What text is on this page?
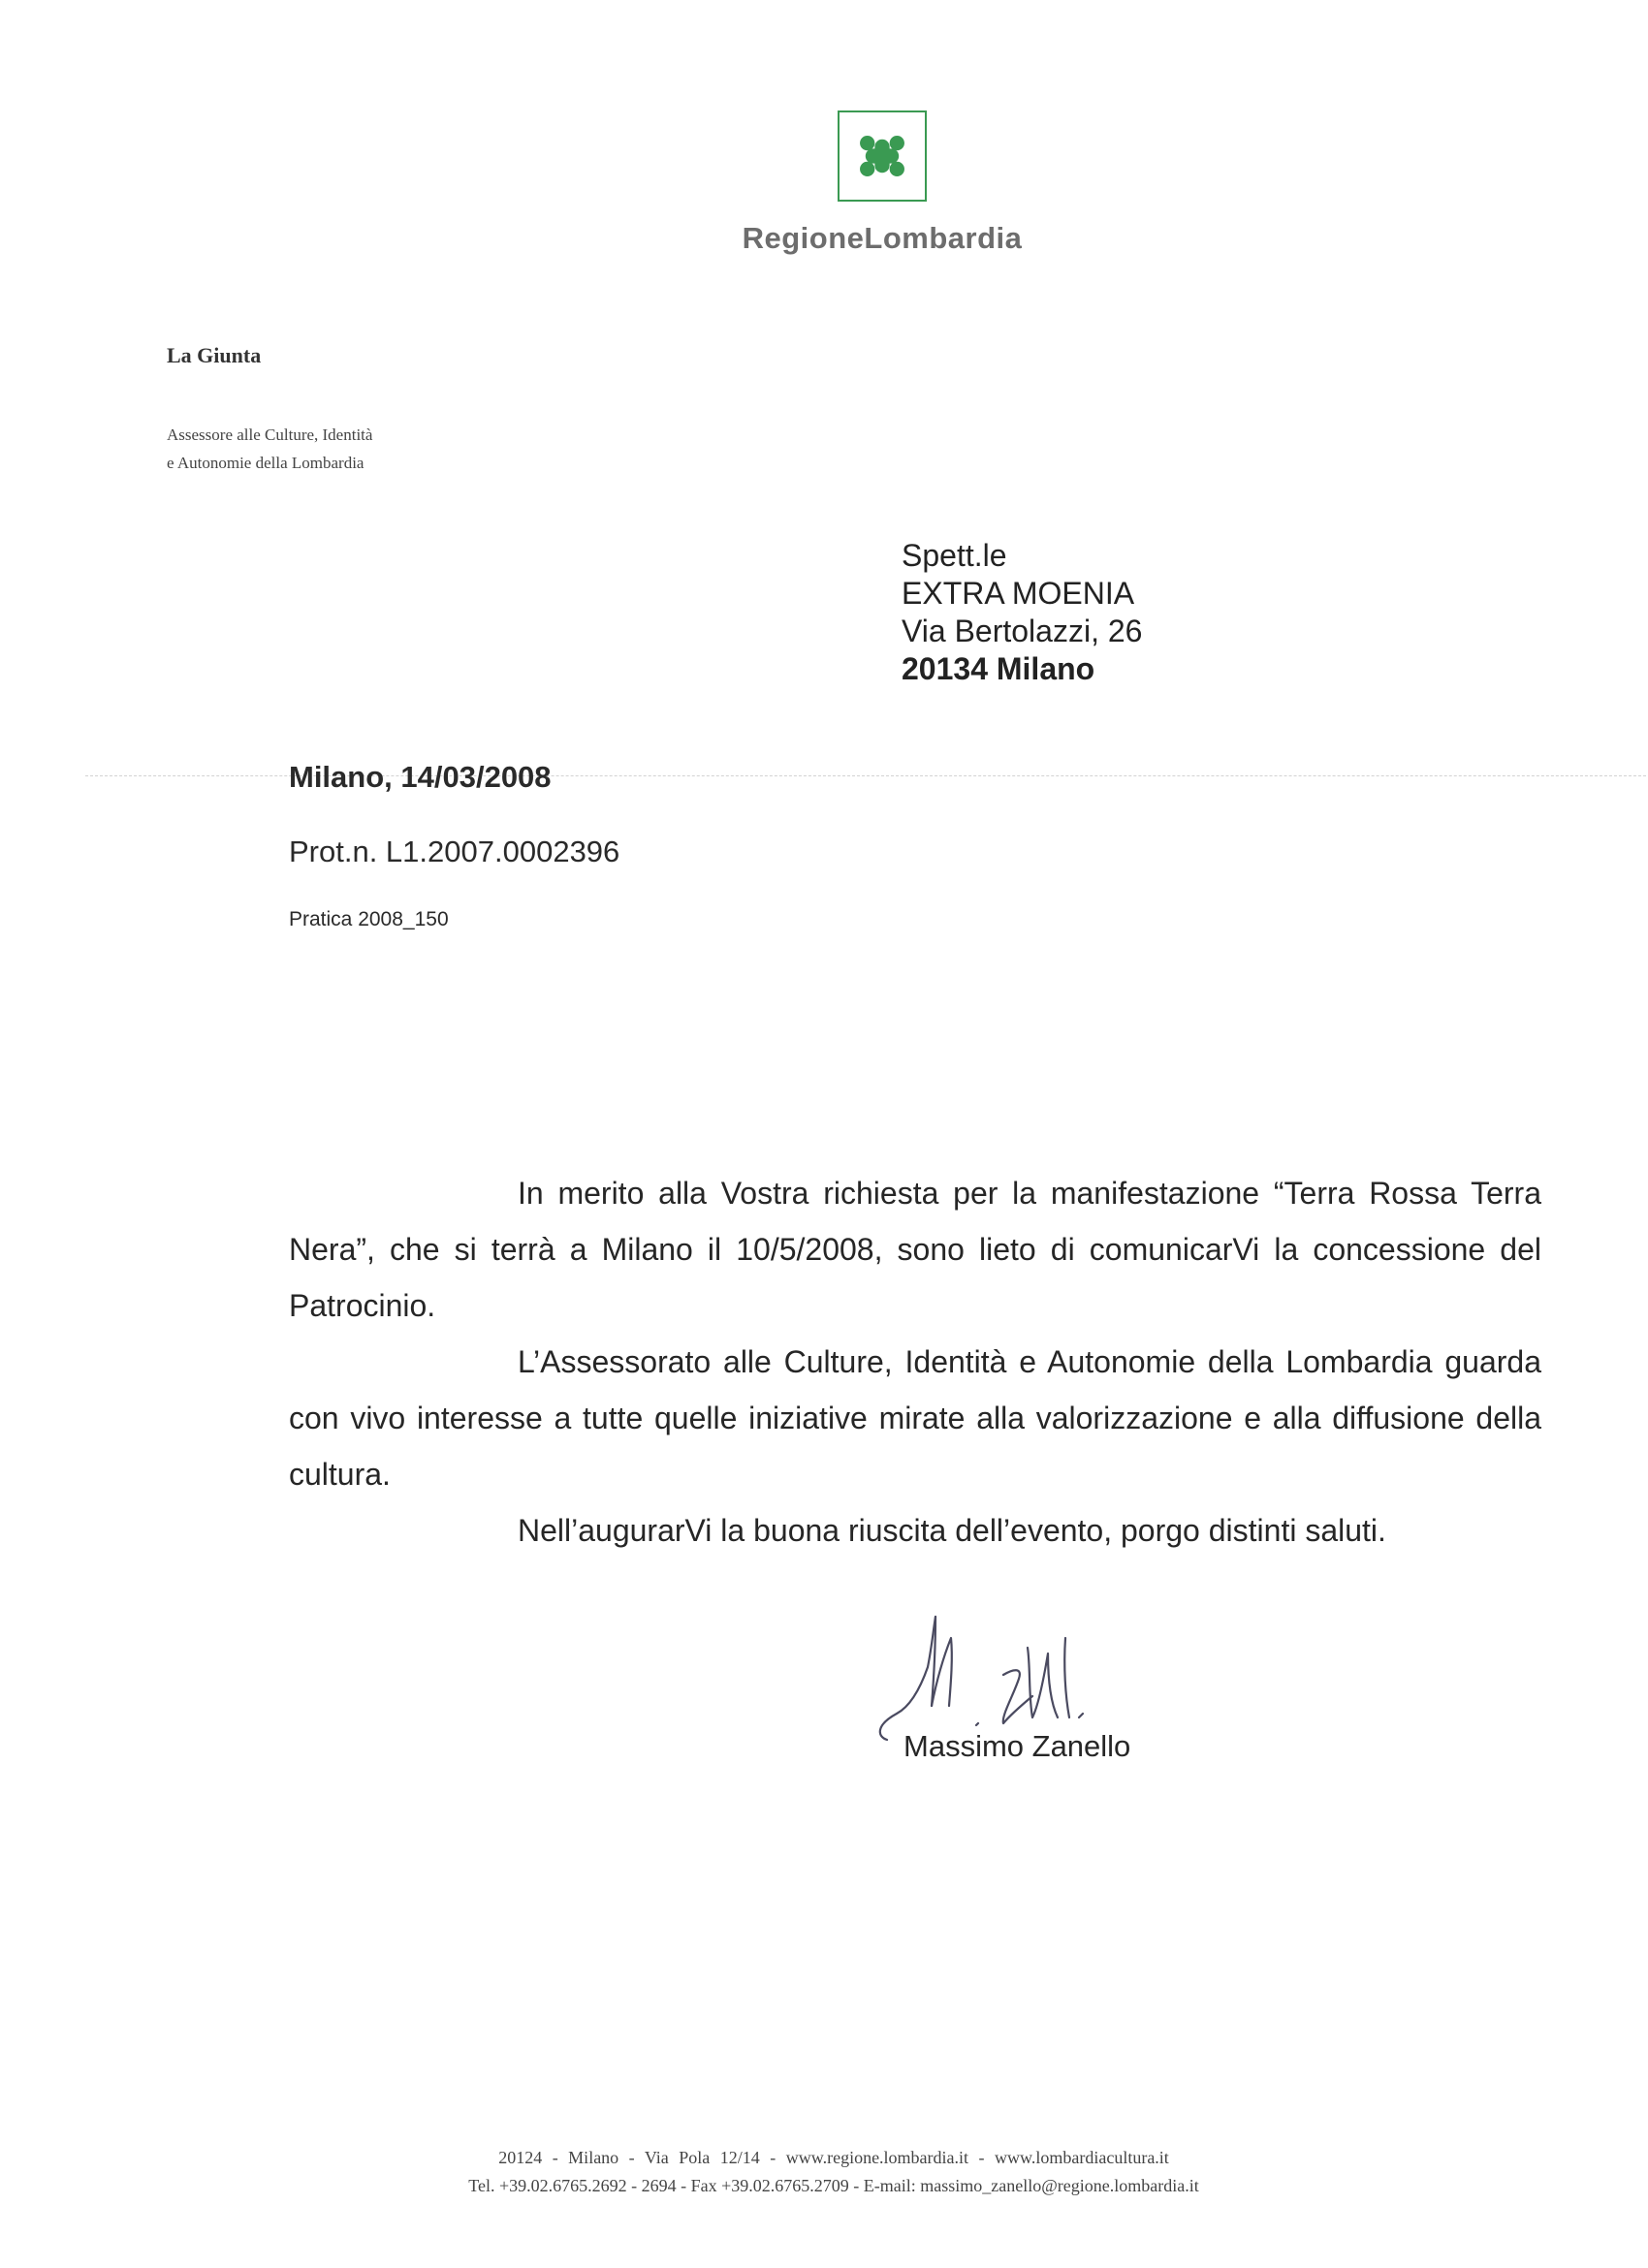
RegioneLombardia
La Giunta
Assessore alle Culture, Identità
e Autonomie della Lombardia
Spett.le
EXTRA MOENIA
Via Bertolazzi, 26
20134 Milano
Milano, 14/03/2008
Prot.n. L1.2007.0002396
Pratica 2008_150

In merito alla Vostra richiesta per la manifestazione “Terra Rossa Terra Nera”, che si terrà a Milano il 10/5/2008, sono lieto di comunicarVi la concessione del Patrocinio.

L’Assessorato alle Culture, Identità e Autonomie della Lombardia guarda con vivo interesse a tutte quelle iniziative mirate alla valorizzazione e alla diffusione della cultura.

Nell’augurarVi la buona riuscita dell’evento, porgo distinti saluti.

Massimo Zanello
20124 - Milano - Via Pola 12/14 - www.regione.lombardia.it - www.lombardiacultura.it
Tel. +39.02.6765.2692 - 2694 - Fax +39.02.6765.2709 - E-mail: massimo_zanello@regione.lombardia.it
